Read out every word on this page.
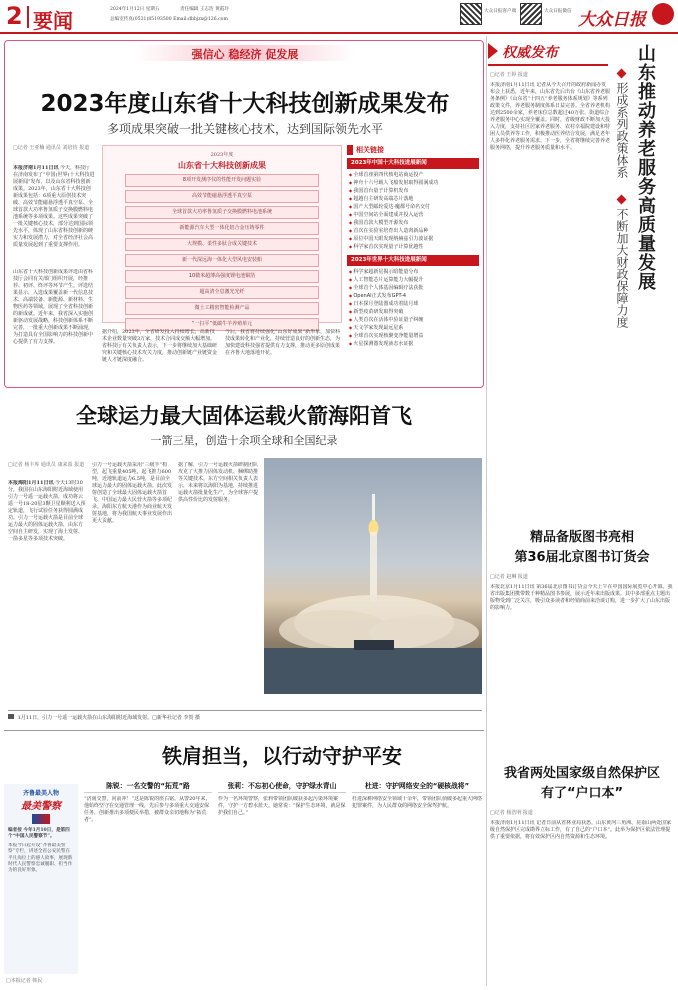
2 要闻	2024年1月12日 星期五	责任编辑 王志浩 黄霞玲
总编室传真(0531)85193500 Email:dbbjzx@126.com
大众日报客户端	大众日报微信 大众日报
强信心 稳经济 促发展
2023年度山东省十大科技创新成果发布
多项成果突破一批关键核心技术，达到国际领先水平
□记者 王亚楠 通讯员 刘培钧 报道
本报济南1月11日讯 今天，科技厅在济南发布了“中国(世界)十大科技进展新闻”发布，以及山东省科技创新成果。2023年，山东省十大科技创新成果包括：6项重大原创技术突破、高效节能磁悬浮透平真空泵、全球首款大功率鲁氢质子交换膜燃料电池系统等多项成果。这些成果突破了一批关键核心技术，部分达到国际领先水平，体现了山东省科技创新的硬实力和发展潜力，对全省经济社会高质量发展起到了重要支撑作用。
山东省十大科技创新成果评选由省科技厅会同有关部门组织开展，经推荐、初评、终评等环节产生。评选结果显示，入选成果覆盖新一代信息技术、高端装备、新能源、新材料、生物医药等领域，展现了全省科技创新的新成就。近年来，我省深入实施创新驱动发展战略，科技创新体系不断完善，一批重大创新成果不断涌现，为打造具有全国影响力的科技创新中心提供了有力支撑。
2023年度
山东省十大科技创新成果
8项开发测序仪的性能开发问题实验
高效节能磁悬浮透平真空泵
全球首款大功率鲁氢质子交换膜燃料电池系统
新能源汽车大型一体化铝合金压铸零件
大规模、柔性多肽合成关键技术
新一代深远海一体化大型风电安装船
10微米超薄高强度锂电池铜箔
超高清全息激光光纤
微土工精密智能检测产品
“一扫平”低碳牛羊养殖单元
据介绍，2023年，全省研发投入持续增长，高新技术企业数量突破3万家，技术合同成交额大幅增加。省科技厅有关负责人表示，下一步将继续加大基础研究和关键核心技术攻关力度，推动创新链产业链资金链人才链深度融合。
今后，我省将持续强化“山东好成果”新形象，加快科技成果转化和产业化，持续营造良好的创新生态，为加快建设科技强省提供有力支撑，推动更多原创成果在齐鲁大地落地开花。
相关链接
2023年中国十大科技进展新闻
◆ 全球首座第四代核电站商运投产
◆ 神舟十六号载人飞船发射取得圆满成功
◆ 我国首台量子计算机发布
◆ 超越自主研发高端芯片落地
◆ 国产大型邮轮爱达·魔都号命名交付
◆ 中国空间站全面建成并投入运营
◆ 我国首款大模型开源发布
◆ 首次在实验室培育出人造肉新品种
◆ 原位中国天眼发现纳赫兹引力波证据
◆ 科学家首次实现量子计算优越性
2023年世界十大科技进展新闻
◆ 科学家超新星揭示暗能量分布
◆ 人工智能芯片运算能力大幅提升
◆ 全球首个人体基因编辑疗法获批
◆ OpenAI正式发布GPT-4
◆ 日本探月登陆器成功着陆月球
◆ 新型疫苗研发取得突破
◆ 人类首次在活体中验证量子纠缠
◆ 天文学家发现最远星系
◆ 全球首次实现核聚变净能量增益
◆ 火星探测器发现液态水证据
全球运力最大固体运载火箭海阳首飞
一箭三星，创造十余项全球和全国纪录
□记者 杨丰库 通讯员 康来盈 报道
本报海阳1月11日讯 今天13时30分，我国在山东海阳附近海域使用引力一号遥一运载火箭，成功将云遥一号18-20星3颗卫星顺利送入预定轨道，飞行试验任务获得圆满成功。引力一号运载火箭是目前全球运力最大的固体运载火箭，由东方空间自主研发，实现了海上发射、一箭多星等多项技术突破。
引力一号运载火箭采用“三级半”构型，起飞重量405吨，起飞推力600吨，近地轨道运力6.5吨，是目前全球运力最大的固体运载火箭。此次发射创造了全球最大固体运载火箭首飞、中国运力最大民营火箭等多项纪录。海阳东方航天港作为商业航天发射基地，将为我国航天事业发展作出更大贡献。
据了解，引力一号运载火箭研制团队攻克了大推力固体发动机、捆绑助推等关键技术。东方空间相关负责人表示，未来将以海阳为基地，持续推进运载火箭批量化生产，为全球客户提供高性价比的发射服务。
1月11日，引力一号遥一运载火箭在山东海阳附近海域发射。□新华社记者 李贺 摄
权威发布	山东推动养老服务高质量发展
形成系列政策体系
不断加大财政保障力度
□记者 王婷 报道
本报济南1月11日讯 记者从今天召开的政府新闻办发布会上获悉，近年来，山东省先后出台《山东省养老服务条例》《山东省“十四五”养老服务体系规划》等系列政策文件，养老服务制度体系日益完善。全省养老机构达到2500余家，养老床位总数超过40万张，街道综合养老服务中心实现全覆盖。同时，省级财政不断加大投入力度，支持社区居家养老服务、农村幸福院建设和特困人员供养等工作，积极推动医养结合发展，满足老年人多样化养老服务需求。下一步，全省将继续完善养老服务网络，提升养老服务质量和水平。
精品备版图书亮相
第36届北京图书订货会
□记者 赵琳 报道
本报北京1月11日讯 第36届北京图书订货会今天上午在中国国际展览中心开幕。我省出版集团携带数千种精品图书参展，展示近年来出版成果。其中多部重点主题出版物受到广泛关注，吸引众多读者和经销商前来洽谈订购，进一步扩大了山东出版的影响力。
我省两处国家级自然保护区
有了“户口本”
□记者 杨浩明 报道
本报济南1月11日讯 记者日前从省林业局获悉，山东黄河三角洲、昆嵛山两处国家级自然保护区完成勘界立标工作，有了自己的“户口本”。此举为保护区依法管理提供了重要依据，将有效保护区内自然资源和生态环境。
铁肩担当，以行动守护平安
齐鲁最美人物
最美警察
编者按 今年1月10日，是第四个“中国人民警察节”。
本报今日起开设“齐鲁最美警察”专栏，讲述全省公安民警在平凡岗位上的感人故事，展现新时代人民警察忠诚履职、担当作为的良好形象。
□本报记者 韩民
陈锐：一名交警的“拓荒”路
“济南交警，向前冲！”这是陈锐的座右铭。从警20年来，他始终坚守在交通管理一线，先后参与多项重大交通安保任务，创新推出多项便民举措，被群众亲切地称为“拓荒者”。
张莉：不忘初心使命，守护绿水青山
作为一名环境警察，张莉带领团队破获多起污染环境案件，守护一方碧水蓝天。她常说：“保护生态环境，就是保护我们自己。”
杜进：守护网络安全的“硬核战将”
杜进深耕网络安全领域十余年，带领团队侦破多起重大网络犯罪案件，为人民群众的网络安全保驾护航。
